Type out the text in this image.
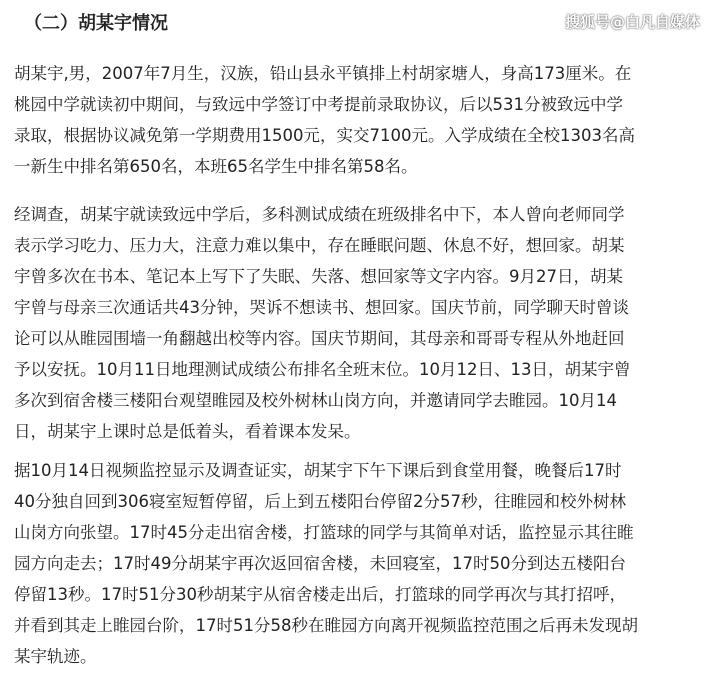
（二）胡某宇情况	搜狐号@白凡自媒体
胡某宇,男，2007年7月生，汉族，铅山县永平镇排上村胡家塘人，身高173厘米。在
桃园中学就读初中期间，与致远中学签订中考提前录取协议，后以531分被致远中学
录取，根据协议减免第一学期费用1500元，实交7100元。入学成绩在全校1303名高
一新生中排名第650名，本班65名学生中排名第58名。
经调查，胡某宇就读致远中学后，多科测试成绩在班级排名中下，本人曾向老师同学
表示学习吃力、压力大，注意力难以集中，存在睡眠问题、休息不好，想回家。胡某
宇曾多次在书本、笔记本上写下了失眠、失落、想回家等文字内容。9月27日，胡某
宇曾与母亲三次通话共43分钟，哭诉不想读书、想回家。国庆节前，同学聊天时曾谈
论可以从睢园围墙一角翻越出校等内容。国庆节期间，其母亲和哥哥专程从外地赶回
予以安抚。10月11日地理测试成绩公布排名全班末位。10月12日、13日，胡某宇曾
多次到宿舍楼三楼阳台观望睢园及校外树林山岗方向，并邀请同学去睢园。10月14
日，胡某宇上课时总是低着头，看着课本发呆。
据10月14日视频监控显示及调查证实，胡某宇下午下课后到食堂用餐，晚餐后17时
40分独自回到306寝室短暂停留，后上到五楼阳台停留2分57秒，往睢园和校外树林
山岗方向张望。17时45分走出宿舍楼，打篮球的同学与其简单对话，监控显示其往睢
园方向走去；17时49分胡某宇再次返回宿舍楼，未回寝室，17时50分到达五楼阳台
停留13秒。17时51分30秒胡某宇从宿舍楼走出后，打篮球的同学再次与其打招呼，
并看到其走上睢园台阶，17时51分58秒在睢园方向离开视频监控范围之后再未发现胡
某宇轨迹。
